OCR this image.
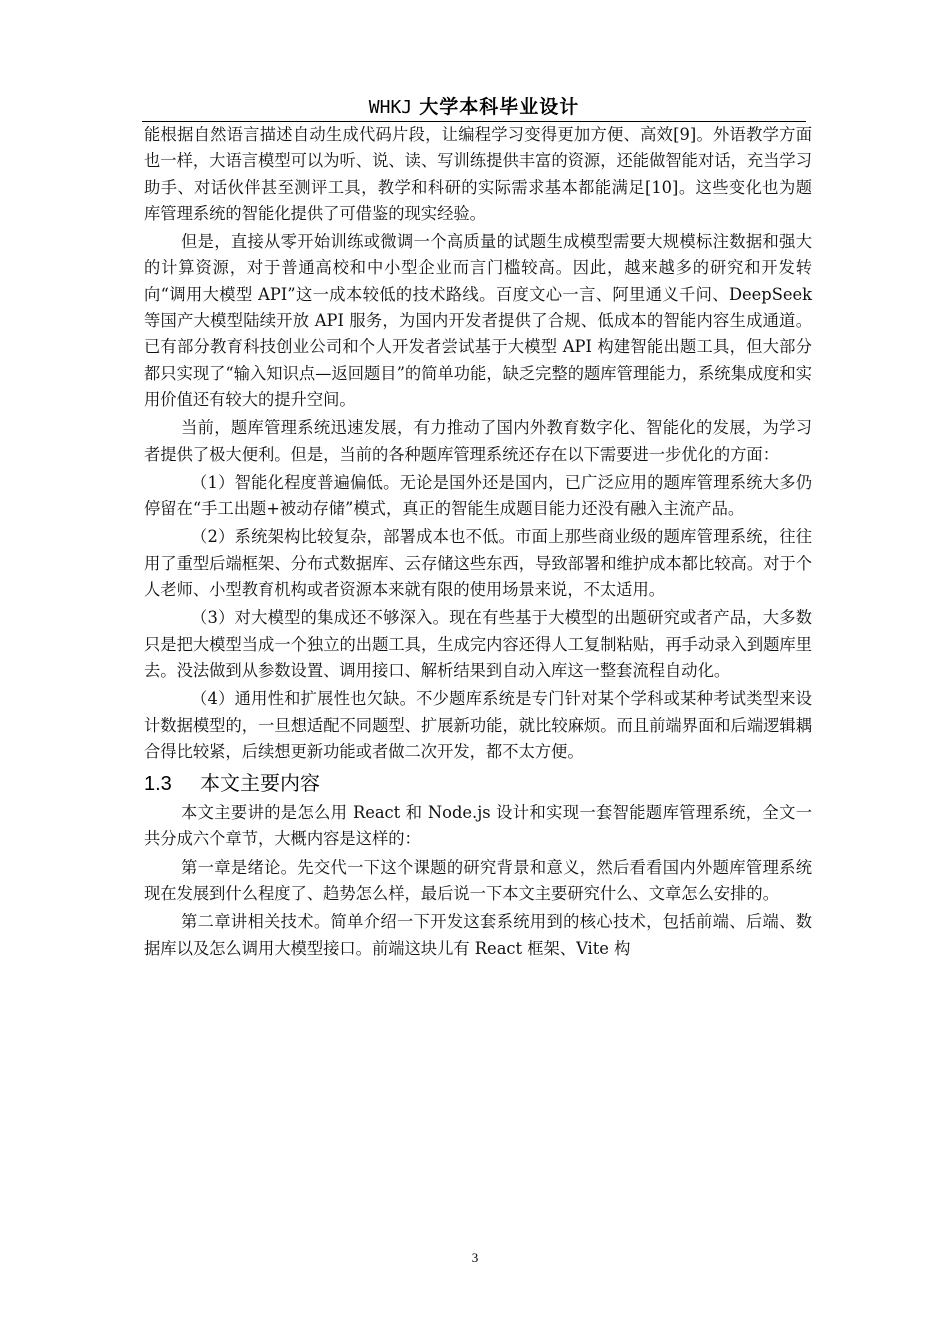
WHKJ 大学本科毕业设计

能根据自然语言描述自动生成代码片段，让编程学习变得更加方便、高效[9]。外语教学方面也一样，大语言模型可以为听、说、读、写训练提供丰富的资源，还能做智能对话，充当学习助手、对话伙伴甚至测评工具，教学和科研的实际需求基本都能满足[10]。这些变化也为题库管理系统的智能化提供了可借鉴的现实经验。

但是，直接从零开始训练或微调一个高质量的试题生成模型需要大规模标注数据和强大的计算资源，对于普通高校和中小型企业而言门槛较高。因此，越来越多的研究和开发转向“调用大模型 API”这一成本较低的技术路线。百度文心一言、阿里通义千问、DeepSeek 等国产大模型陆续开放 API 服务，为国内开发者提供了合规、低成本的智能内容生成通道。已有部分教育科技创业公司和个人开发者尝试基于大模型 API 构建智能出题工具，但大部分都只实现了“输入知识点—返回题目”的简单功能，缺乏完整的题库管理能力，系统集成度和实用价值还有较大的提升空间。

当前，题库管理系统迅速发展，有力推动了国内外教育数字化、智能化的发展，为学习者提供了极大便利。但是，当前的各种题库管理系统还存在以下需要进一步优化的方面：

（1）智能化程度普遍偏低。无论是国外还是国内，已广泛应用的题库管理系统大多仍停留在“手工出题+被动存储”模式，真正的智能生成题目能力还没有融入主流产品。

（2）系统架构比较复杂，部署成本也不低。市面上那些商业级的题库管理系统，往往用了重型后端框架、分布式数据库、云存储这些东西，导致部署和维护成本都比较高。对于个人老师、小型教育机构或者资源本来就有限的使用场景来说，不太适用。

（3）对大模型的集成还不够深入。现在有些基于大模型的出题研究或者产品，大多数只是把大模型当成一个独立的出题工具，生成完内容还得人工复制粘贴，再手动录入到题库里去。没法做到从参数设置、调用接口、解析结果到自动入库这一整套流程自动化。

（4）通用性和扩展性也欠缺。不少题库系统是专门针对某个学科或某种考试类型来设计数据模型的，一旦想适配不同题型、扩展新功能，就比较麻烦。而且前端界面和后端逻辑耦合得比较紧，后续想更新功能或者做二次开发，都不太方便。

1.3 本文主要内容

本文主要讲的是怎么用 React 和 Node.js 设计和实现一套智能题库管理系统，全文一共分成六个章节，大概内容是这样的：

第一章是绪论。先交代一下这个课题的研究背景和意义，然后看看国内外题库管理系统现在发展到什么程度了、趋势怎么样，最后说一下本文主要研究什么、文章怎么安排的。

第二章讲相关技术。简单介绍一下开发这套系统用到的核心技术，包括前端、后端、数据库以及怎么调用大模型接口。前端这块儿有 React 框架、Vite 构

3
